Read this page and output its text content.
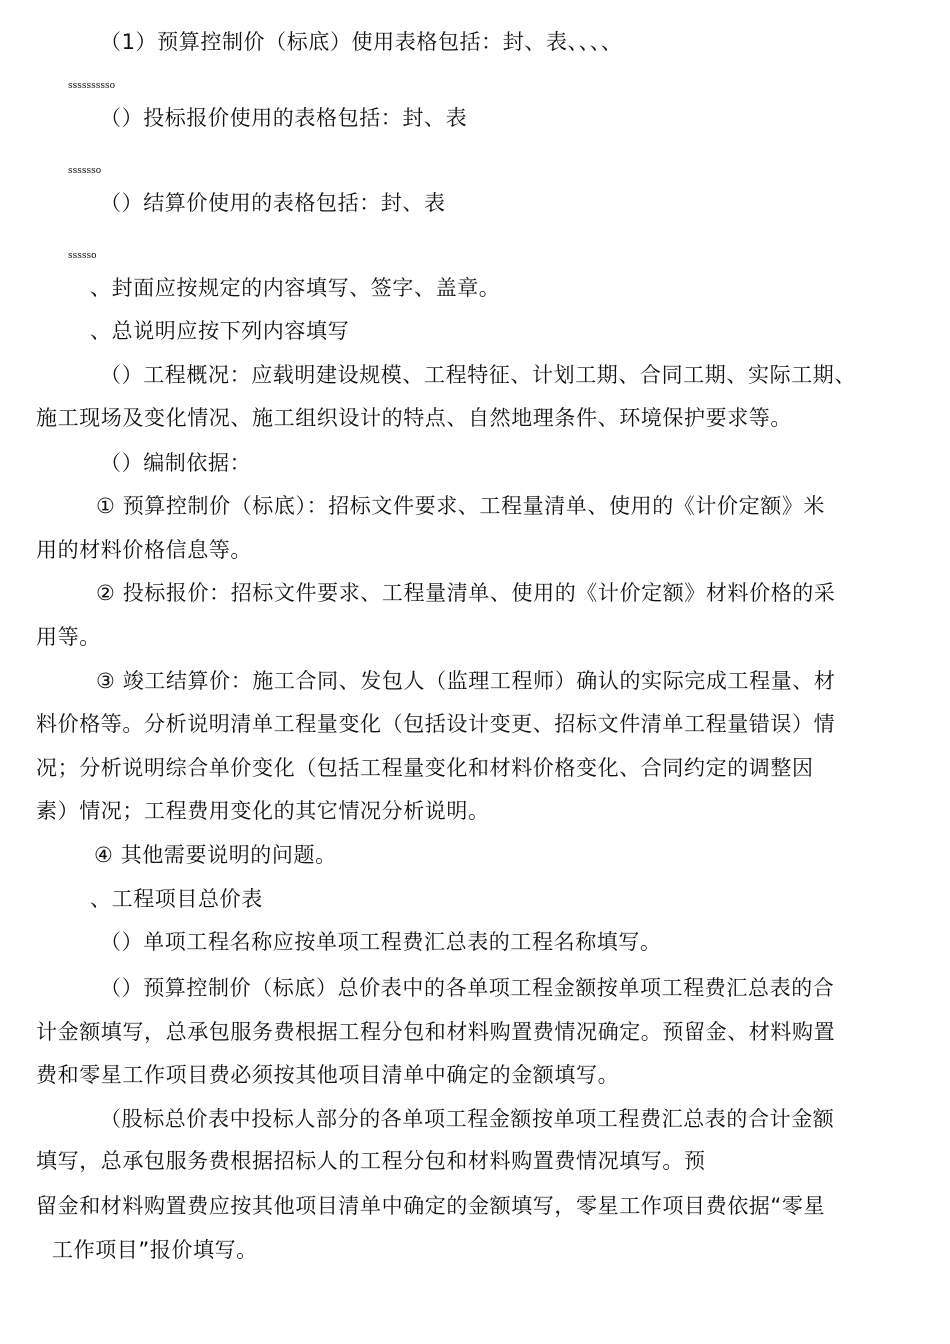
（1）预算控制价（标底）使用表格包括：封、表、、、、
ssssssssso
（）投标报价使用的表格包括：封、表
sssssso
（）结算价使用的表格包括：封、表
ssssso
、封面应按规定的内容填写、签字、盖章。
、总说明应按下列内容填写
（）工程概况：应载明建设规模、工程特征、计划工期、合同工期、实际工期、
施工现场及变化情况、施工组织设计的特点、自然地理条件、环境保护要求等。
（）编制依据：
① 预算控制价（标底）：招标文件要求、工程量清单、使用的《计价定额》米
用的材料价格信息等。
② 投标报价：招标文件要求、工程量清单、使用的《计价定额》材料价格的采
用等。
③ 竣工结算价：施工合同、发包人（监理工程师）确认的实际完成工程量、材
料价格等。分析说明清单工程量变化（包括设计变更、招标文件清单工程量错误）情
况；分析说明综合单价变化（包括工程量变化和材料价格变化、合同约定的调整因
素）情况；工程费用变化的其它情况分析说明。
④ 其他需要说明的问题。
、工程项目总价表
（）单项工程名称应按单项工程费汇总表的工程名称填写。
（）预算控制价（标底）总价表中的各单项工程金额按单项工程费汇总表的合
计金额填写，总承包服务费根据工程分包和材料购置费情况确定。预留金、材料购置
费和零星工作项目费必须按其他项目清单中确定的金额填写。
（股标总价表中投标人部分的各单项工程金额按单项工程费汇总表的合计金额
填写，总承包服务费根据招标人的工程分包和材料购置费情况填写。预
留金和材料购置费应按其他项目清单中确定的金额填写，零星工作项目费依据“零星
工作项目”报价填写。
